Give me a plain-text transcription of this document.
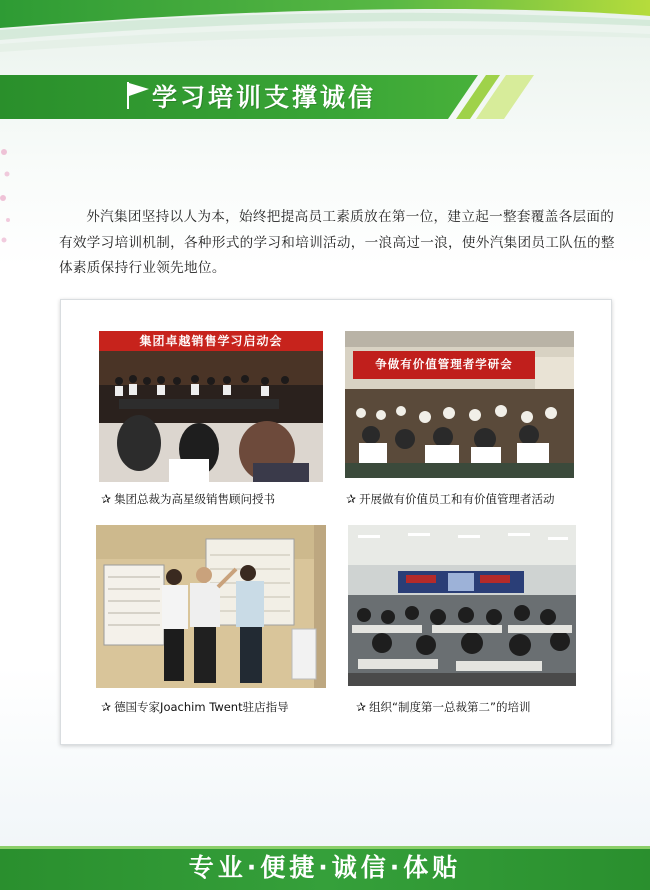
学习培训支撑诚信
外汽集团坚持以人为本，始终把提高员工素质放在第一位，建立起一整套覆盖各层面的有效学习培训机制，各种形式的学习和培训活动，一浪高过一浪，使外汽集团员工队伍的整体素质保持行业领先地位。
集团卓越销售学习启动会
✰ 集团总裁为高星级销售顾问授书
争做有价值管理者学研会
✰ 开展做有价值员工和有价值管理者活动
✰ 德国专家Joachim Twent驻店指导	✰ 组织“制度第一总裁第二”的培训
专业·便捷·诚信·体贴
